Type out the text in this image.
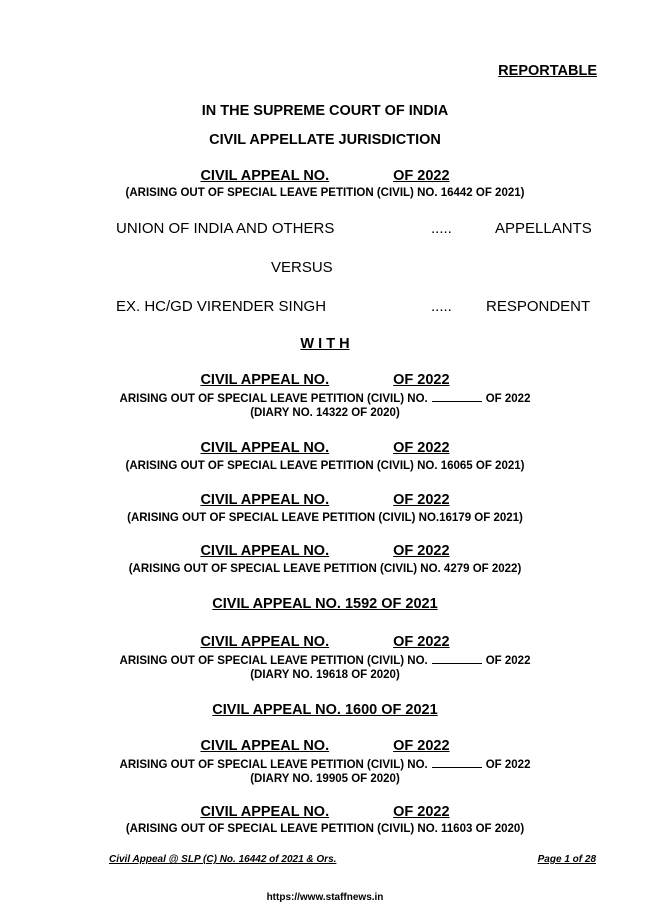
REPORTABLE
IN THE SUPREME COURT OF INDIA
CIVIL APPELLATE JURISDICTION
CIVIL APPEAL NO.	OF 2022
(ARISING OUT OF SPECIAL LEAVE PETITION (CIVIL) NO. 16442 OF 2021)
UNION OF INDIA AND OTHERS	.....	APPELLANTS
VERSUS
EX. HC/GD VIRENDER SINGH	..... RESPONDENT
W I T H
CIVIL APPEAL NO.	OF 2022
ARISING OUT OF SPECIAL LEAVE PETITION (CIVIL) NO.	OF 2022
(DIARY NO. 14322 OF 2020)
CIVIL APPEAL NO.	OF 2022
(ARISING OUT OF SPECIAL LEAVE PETITION (CIVIL) NO. 16065 OF 2021)
CIVIL APPEAL NO.	OF 2022
(ARISING OUT OF SPECIAL LEAVE PETITION (CIVIL) NO.16179 OF 2021)
CIVIL APPEAL NO.	OF 2022
(ARISING OUT OF SPECIAL LEAVE PETITION (CIVIL) NO. 4279 OF 2022)
CIVIL APPEAL NO. 1592 OF 2021
CIVIL APPEAL NO.	OF 2022
ARISING OUT OF SPECIAL LEAVE PETITION (CIVIL) NO.	OF 2022
(DIARY NO. 19618 OF 2020)
CIVIL APPEAL NO. 1600 OF 2021
CIVIL APPEAL NO.	OF 2022
ARISING OUT OF SPECIAL LEAVE PETITION (CIVIL) NO.	OF 2022
(DIARY NO. 19905 OF 2020)
CIVIL APPEAL NO.	OF 2022
(ARISING OUT OF SPECIAL LEAVE PETITION (CIVIL) NO. 11603 OF 2020)
Civil Appeal @ SLP (C) No. 16442 of 2021 & Ors.	Page 1 of 28
https://www.staffnews.in
